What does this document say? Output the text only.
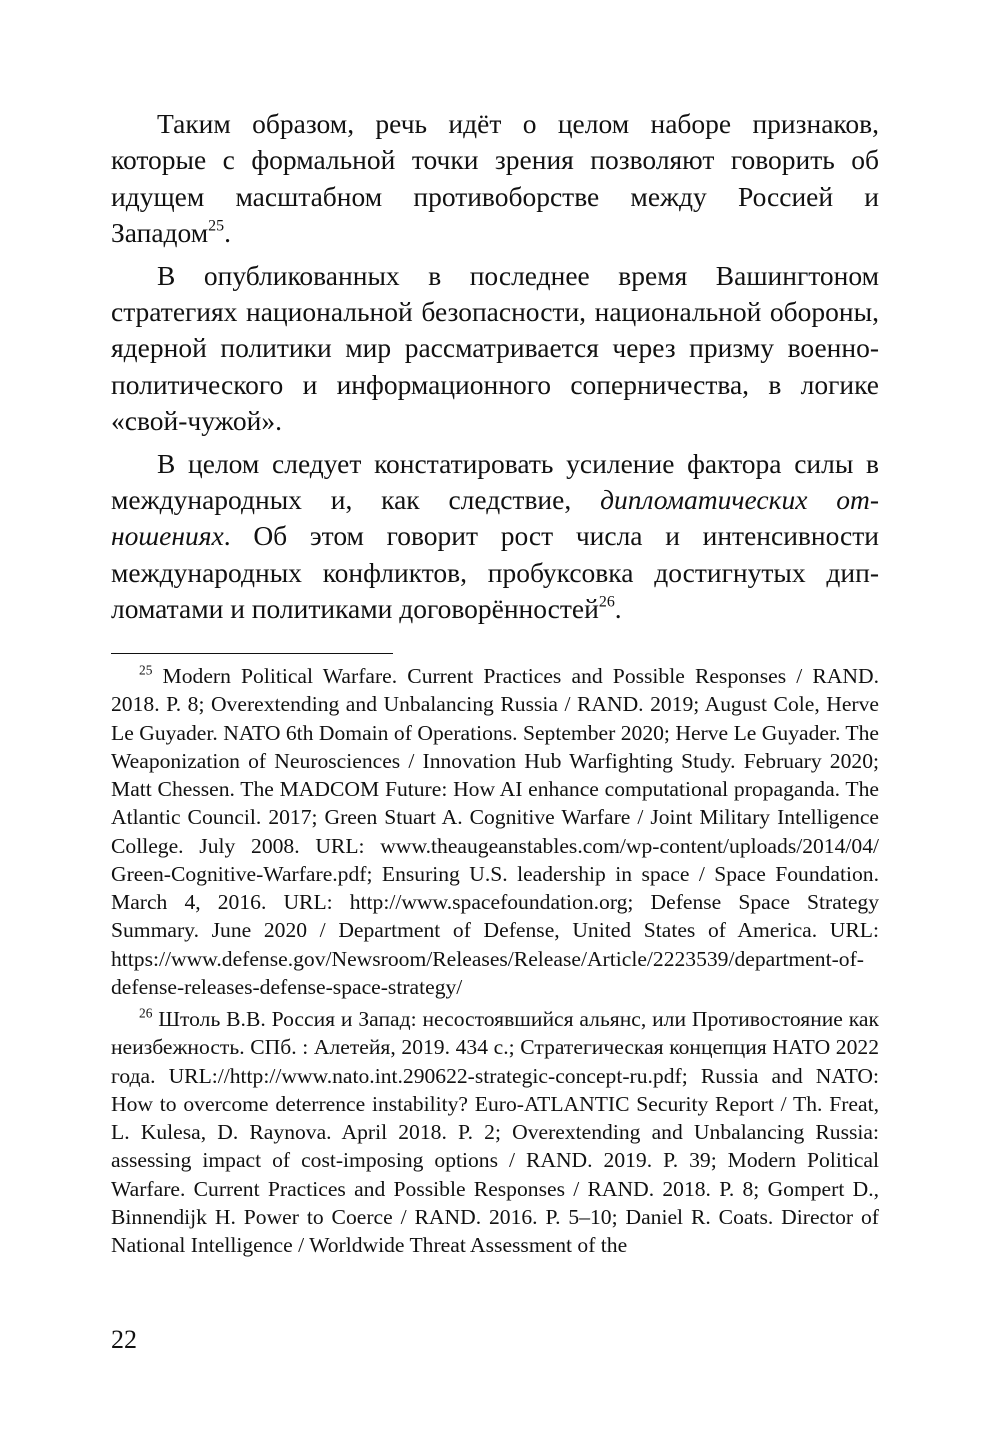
Таким образом, речь идёт о целом наборе признаков, которые с формальной точки зрения позволяют говорить об идущем масштабном противоборстве между Россией и Западом$^{25}$.

В опубликованных в последнее время Вашингтоном стратегиях национальной безопасности, национальной обороны, ядерной политики мир рассматривается через призму военно-политического и информационного соперничества, в логике «свой-чужой».

В целом следует констатировать усиление фактора силы в международных и, как следствие, дипломатических отношениях. Об этом говорит рост числа и интенсивности международных конфликтов, пробуксовка достигнутых дипломатами и политиками договорённостей$^{26}$.

$^{25}$ Modern Political Warfare. Current Practices and Possible Responses / RAND. 2018. P. 8; Overextending and Unbalancing Russia / RAND. 2019; August Cole, Herve Le Guyader. NATO 6th Domain of Operations. September 2020; Herve Le Guyader. The Weaponization of Neurosciences / Innovation Hub Warfighting Study. February 2020; Matt Chessen. The MADCOM Future: How AI enhance computational propaganda. The Atlantic Council. 2017; Green Stuart A. Cognitive Warfare / Joint Military Intelligence College. July 2008. URL: www.theaugeanstables.com/wp-content/uploads/2014/04/​Green-Cognitive-Warfare.pdf; Ensuring U.S. leadership in space / Space Foundation. March 4, 2016. URL: http://www.spacefoundation.org; Defense Space Strategy Summary. June 2020 / Department of Defense, United States of America. URL: https://www.defense.gov/Newsroom/Releases/Release/​Article/2223539/department-of-defense-releases-defense-space-strategy/

$^{26}$ Штоль В.В. Россия и Запад: несостоявшийся альянс, или Противостояние как неизбежность. СПб. : Алетейя, 2019. 434 с.; Стратегическая концепция НАТО 2022 года. URL://http://www.nato.int.290622-strategic-concept-ru.pdf; Russia and NATO: How to overcome deterrence instability? Euro-ATLANTIC Security Report / Th. Freat, L. Kulesa, D. Raynova. April 2018. P. 2; Overextending and Unbalancing Russia: assessing impact of cost-imposing options / RAND. 2019. P. 39; Modern Political Warfare. Current Practices and Possible Responses / RAND. 2018. P. 8; Gompert D., Binnendijk H. Power to Coerce / RAND. 2016. P. 5–10; Daniel R. Coats. Director of National Intelligence / Worldwide Threat Assessment of the

22
